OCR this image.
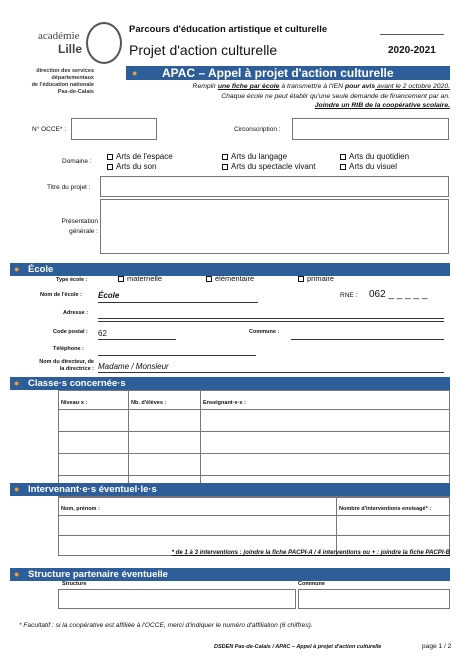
académie
Lille
direction des services
départementaux
de l'éducation nationale
Pas-de-Calais
Parcours d'éducation artistique et culturelle
Projet d'action culturelle	2020-2021
● APAC – Appel à projet d'action culturelle
Remplir une fiche par école à transmettre à l'IEN pour avis avant le 2 octobre 2020.
Chaque école ne peut établir qu'une seule demande de financement par an.
Joindre un RIB de la coopérative scolaire.
N° OCCE* :	Circonscription :
Domaine :
Arts de l'espace	Arts du langage	Arts du quotidien
Arts du son	Arts du spectacle vivant	Arts du visuel
Titre du projet :
Présentation
générale :
● École
Type école :	maternelle	élémentaire	primaire
Nom de l'école : École	RNE : 062 _ _ _ _ _
Adresse :
Code postal : 62	Commune :
Téléphone :
Nom du directeur, de
la directrice : Madame / Monsieur
● Classe·s concernée·s
Niveau·x :	Nb. d'élèves :	Enseignant·e·s :

● Intervenant·e·s éventuel·le·s
Nom, prénom :	Nombre d'interventions envisagé* :

* de 1 à 3 interventions : joindre la fiche PACPI-A / 4 interventions ou + : joindre la fiche PACPI-B
● Structure partenaire éventuelle
Structure	Commune
* Facultatif : si la coopérative est affiliée à l'OCCE, merci d'indiquer le numéro d'affiliation (6 chiffres).
DSDEN Pas-de-Calais / APAC – Appel à projet d'action culturelle	page 1 / 2
